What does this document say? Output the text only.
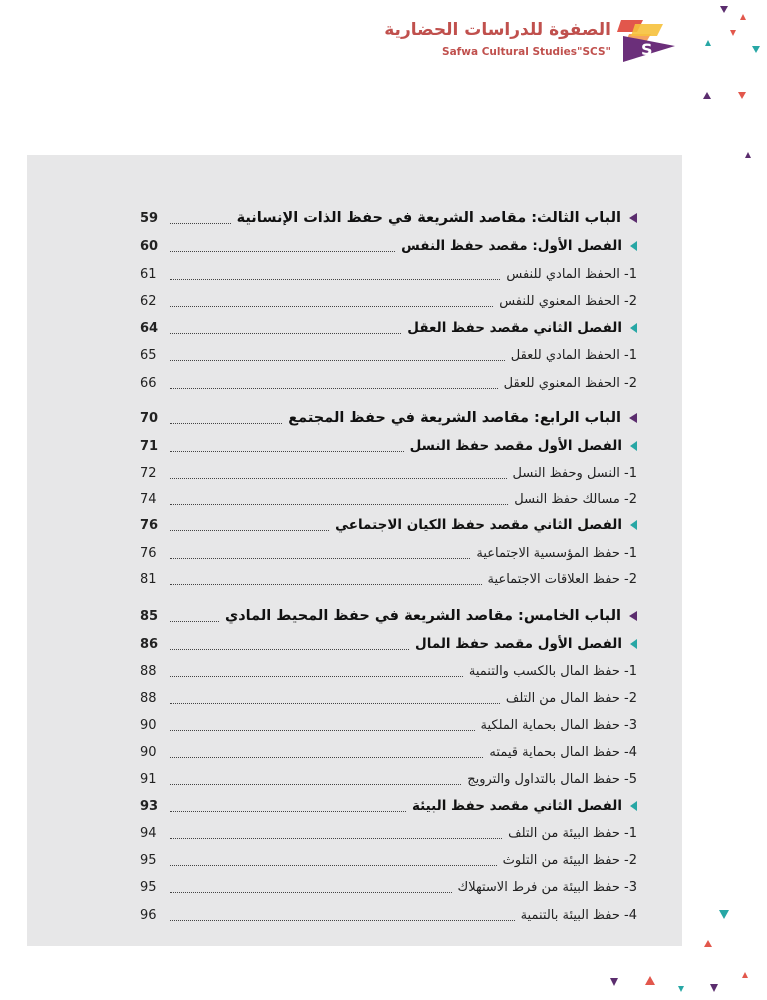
الصفوة للدراسات الحضارية
Safwa Cultural Studies"SCS" S
الباب الثالث: مقاصد الشريعة في حفظ الذات الإنسانية
59
الفصل الأول: مقصد حفظ النفس
60
1- الحفظ المادي للنفس
61
2- الحفظ المعنوي للنفس
62
الفصل الثاني مقصد حفظ العقل
64
1- الحفظ المادي للعقل
65
2- الحفظ المعنوي للعقل
66
الباب الرابع: مقاصد الشريعة في حفظ المجتمع
70
الفصل الأول مقصد حفظ النسل
71
1- النسل وحفظ النسل
72
2- مسالك حفظ النسل
74
الفصل الثاني مقصد حفظ الكيان الاجتماعي
76
1- حفظ المؤسسية الاجتماعية
76
2- حفظ العلاقات الاجتماعية
81
الباب الخامس: مقاصد الشريعة في حفظ المحيط المادي
85
الفصل الأول مقصد حفظ المال
86
1- حفظ المال بالكسب والتنمية
88
2- حفظ المال من التلف
88
3- حفظ المال بحماية الملكية
90
4- حفظ المال بحماية قيمته
90
5- حفظ المال بالتداول والترويج
91
الفصل الثاني مقصد حفظ البيئة
93
1- حفظ البيئة من التلف
94
2- حفظ البيئة من التلوث
95
3- حفظ البيئة من فرط الاستهلاك
95
4- حفظ البيئة بالتنمية
96
